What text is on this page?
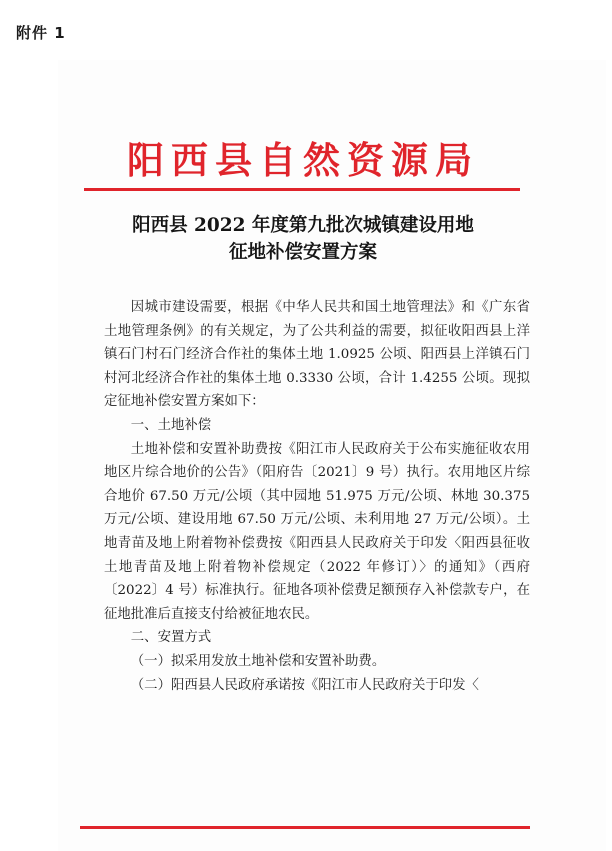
附件 1
阳西县自然资源局
阳西县 2022 年度第九批次城镇建设用地
征地补偿安置方案

因城市建设需要，根据《中华人民共和国土地管理法》和《广东省土地管理条例》的有关规定，为了公共利益的需要，拟征收阳西县上洋镇石门村石门经济合作社的集体土地 1.0925 公顷、阳西县上洋镇石门村河北经济合作社的集体土地 0.3330 公顷，合计 1.4255 公顷。现拟定征地补偿安置方案如下：

一、土地补偿

土地补偿和安置补助费按《阳江市人民政府关于公布实施征收农用地区片综合地价的公告》（阳府告〔2021〕9 号）执行。农用地区片综合地价 67.50 万元/公顷（其中园地 51.975 万元/公顷、林地 30.375 万元/公顷、建设用地 67.50 万元/公顷、未利用地 27 万元/公顷）。土地青苗及地上附着物补偿费按《阳西县人民政府关于印发〈阳西县征收土地青苗及地上附着物补偿规定（2022 年修订）〉的通知》（西府〔2022〕4 号）标准执行。征地各项补偿费足额预存入补偿款专户，在征地批准后直接支付给被征地农民。

二、安置方式

（一）拟采用发放土地补偿和安置补助费。

（二）阳西县人民政府承诺按《阳江市人民政府关于印发〈
